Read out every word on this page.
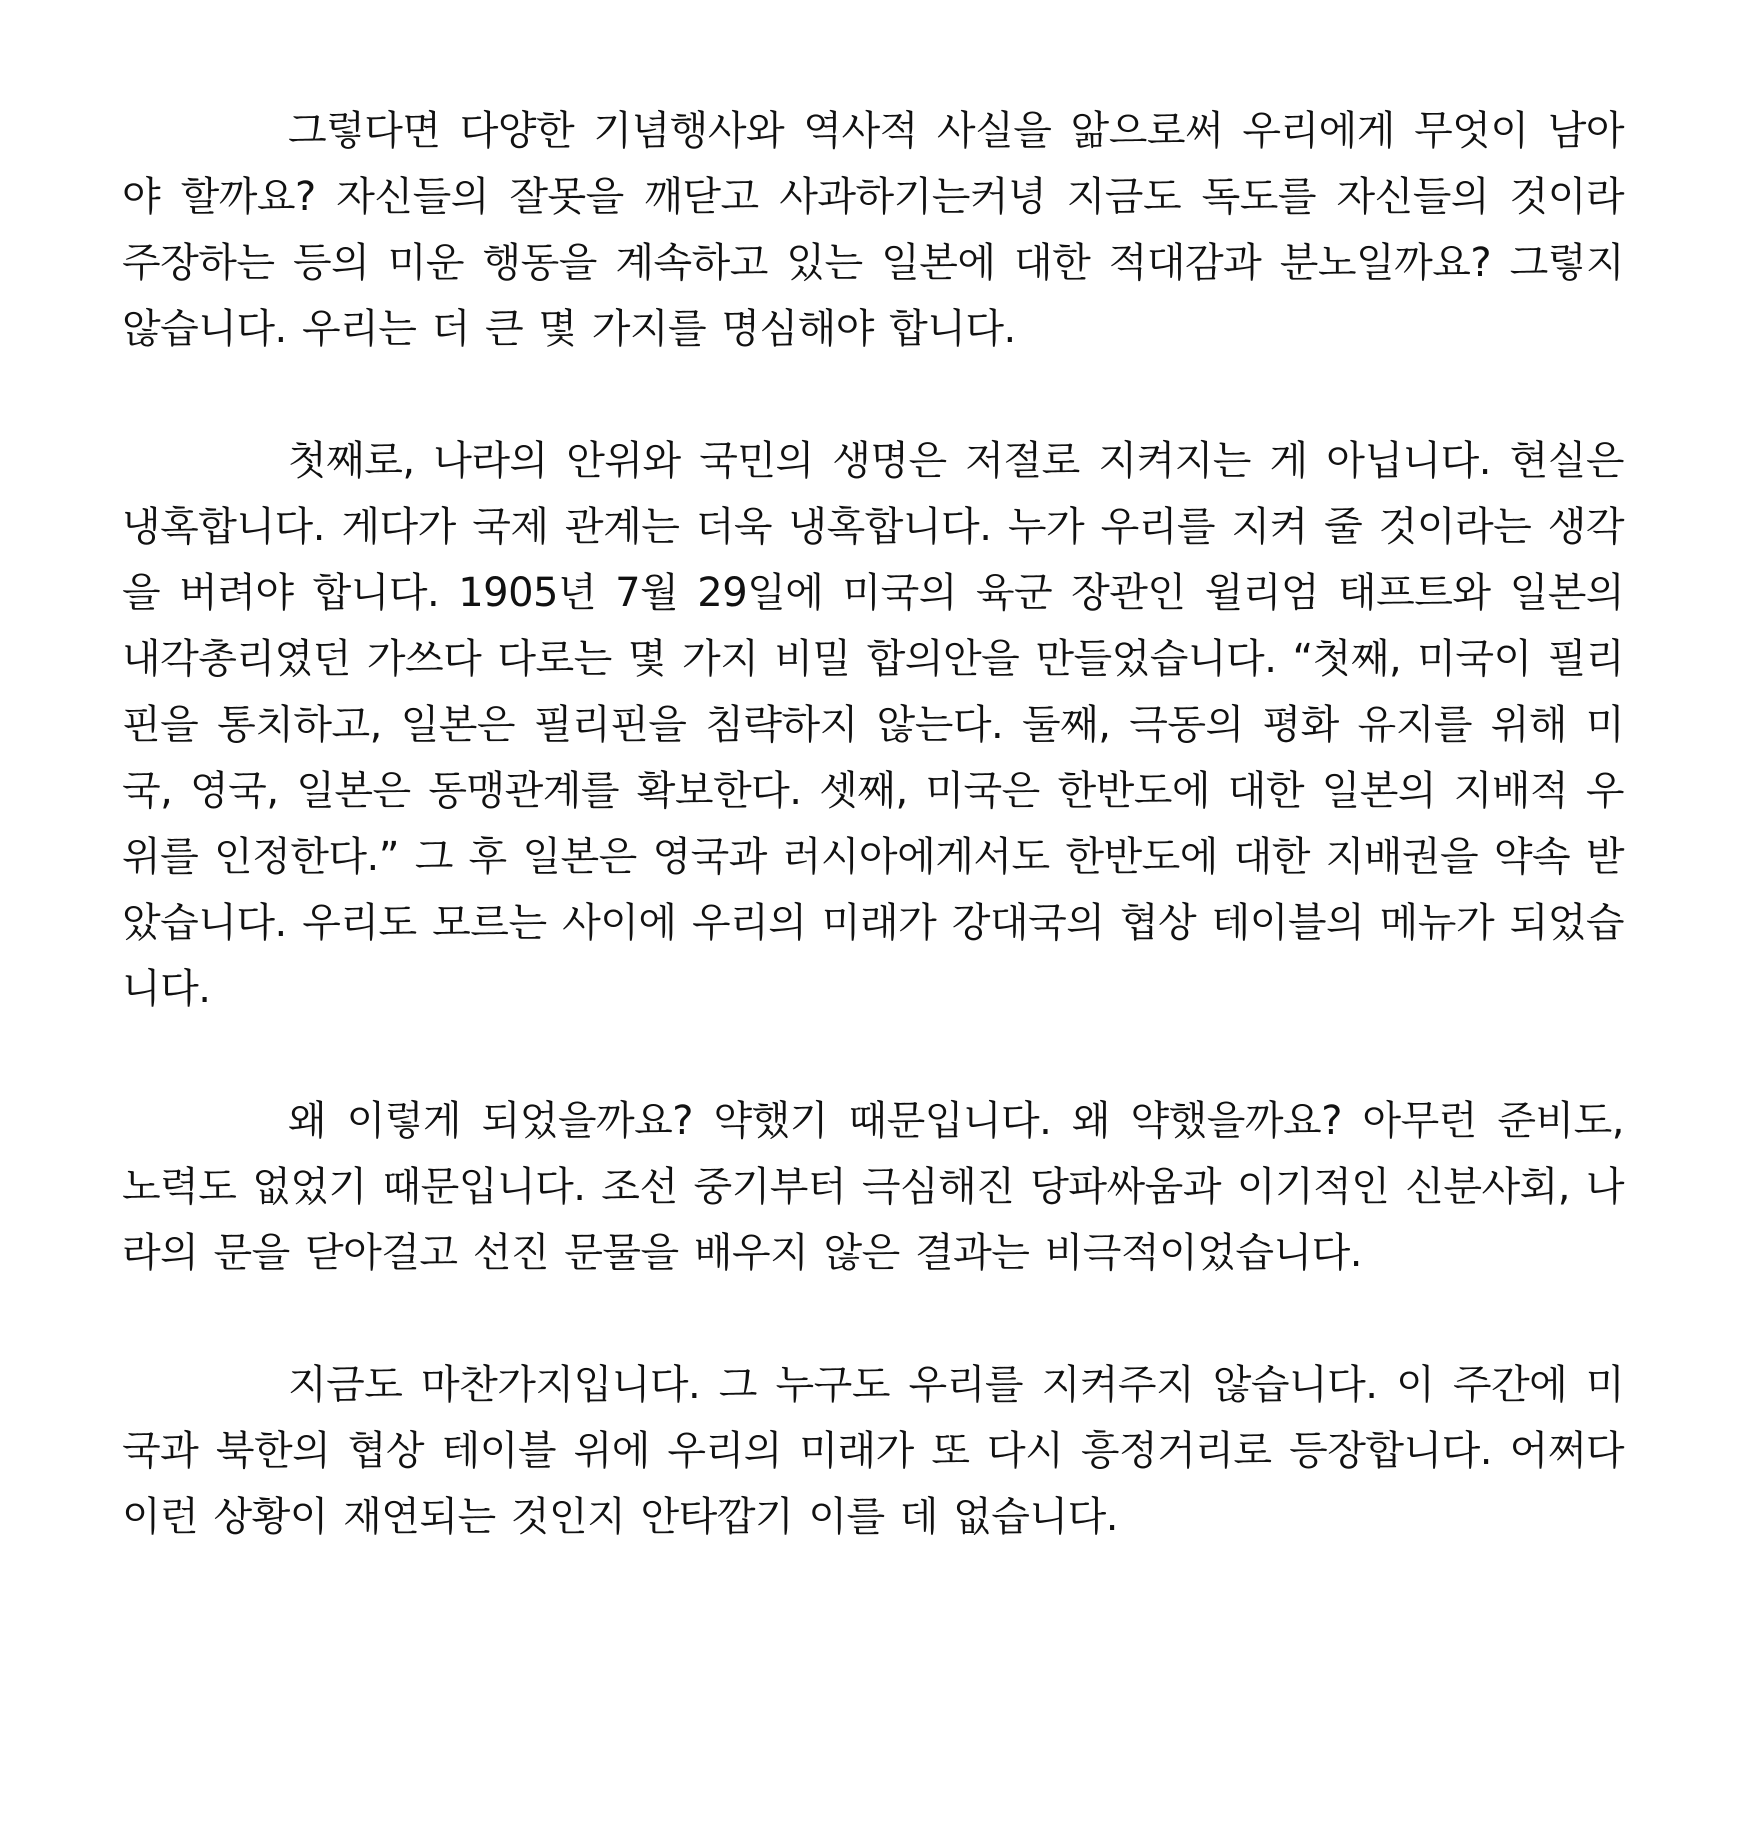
그렇다면 다양한 기념행사와 역사적 사실을 앎으로써 우리에게 무엇이 남아야 할까요? 자신들의 잘못을 깨닫고 사과하기는커녕 지금도 독도를 자신들의 것이라 주장하는 등의 미운 행동을 계속하고 있는 일본에 대한 적대감과 분노일까요? 그렇지 않습니다. 우리는 더 큰 몇 가지를 명심해야 합니다.

첫째로, 나라의 안위와 국민의 생명은 저절로 지켜지는 게 아닙니다. 현실은 냉혹합니다. 게다가 국제 관계는 더욱 냉혹합니다. 누가 우리를 지켜 줄 것이라는 생각을 버려야 합니다. 1905년 7월 29일에 미국의 육군 장관인 윌리엄 태프트와 일본의 내각총리였던 가쓰다 다로는 몇 가지 비밀 합의안을 만들었습니다. “첫째, 미국이 필리핀을 통치하고, 일본은 필리핀을 침략하지 않는다. 둘째, 극동의 평화 유지를 위해 미국, 영국, 일본은 동맹관계를 확보한다. 셋째, 미국은 한반도에 대한 일본의 지배적 우위를 인정한다.” 그 후 일본은 영국과 러시아에게서도 한반도에 대한 지배권을 약속 받았습니다. 우리도 모르는 사이에 우리의 미래가 강대국의 협상 테이블의 메뉴가 되었습니다.

왜 이렇게 되었을까요? 약했기 때문입니다. 왜 약했을까요? 아무런 준비도, 노력도 없었기 때문입니다. 조선 중기부터 극심해진 당파싸움과 이기적인 신분사회, 나라의 문을 닫아걸고 선진 문물을 배우지 않은 결과는 비극적이었습니다.

지금도 마찬가지입니다. 그 누구도 우리를 지켜주지 않습니다. 이 주간에 미국과 북한의 협상 테이블 위에 우리의 미래가 또 다시 흥정거리로 등장합니다. 어쩌다 이런 상황이 재연되는 것인지 안타깝기 이를 데 없습니다.
